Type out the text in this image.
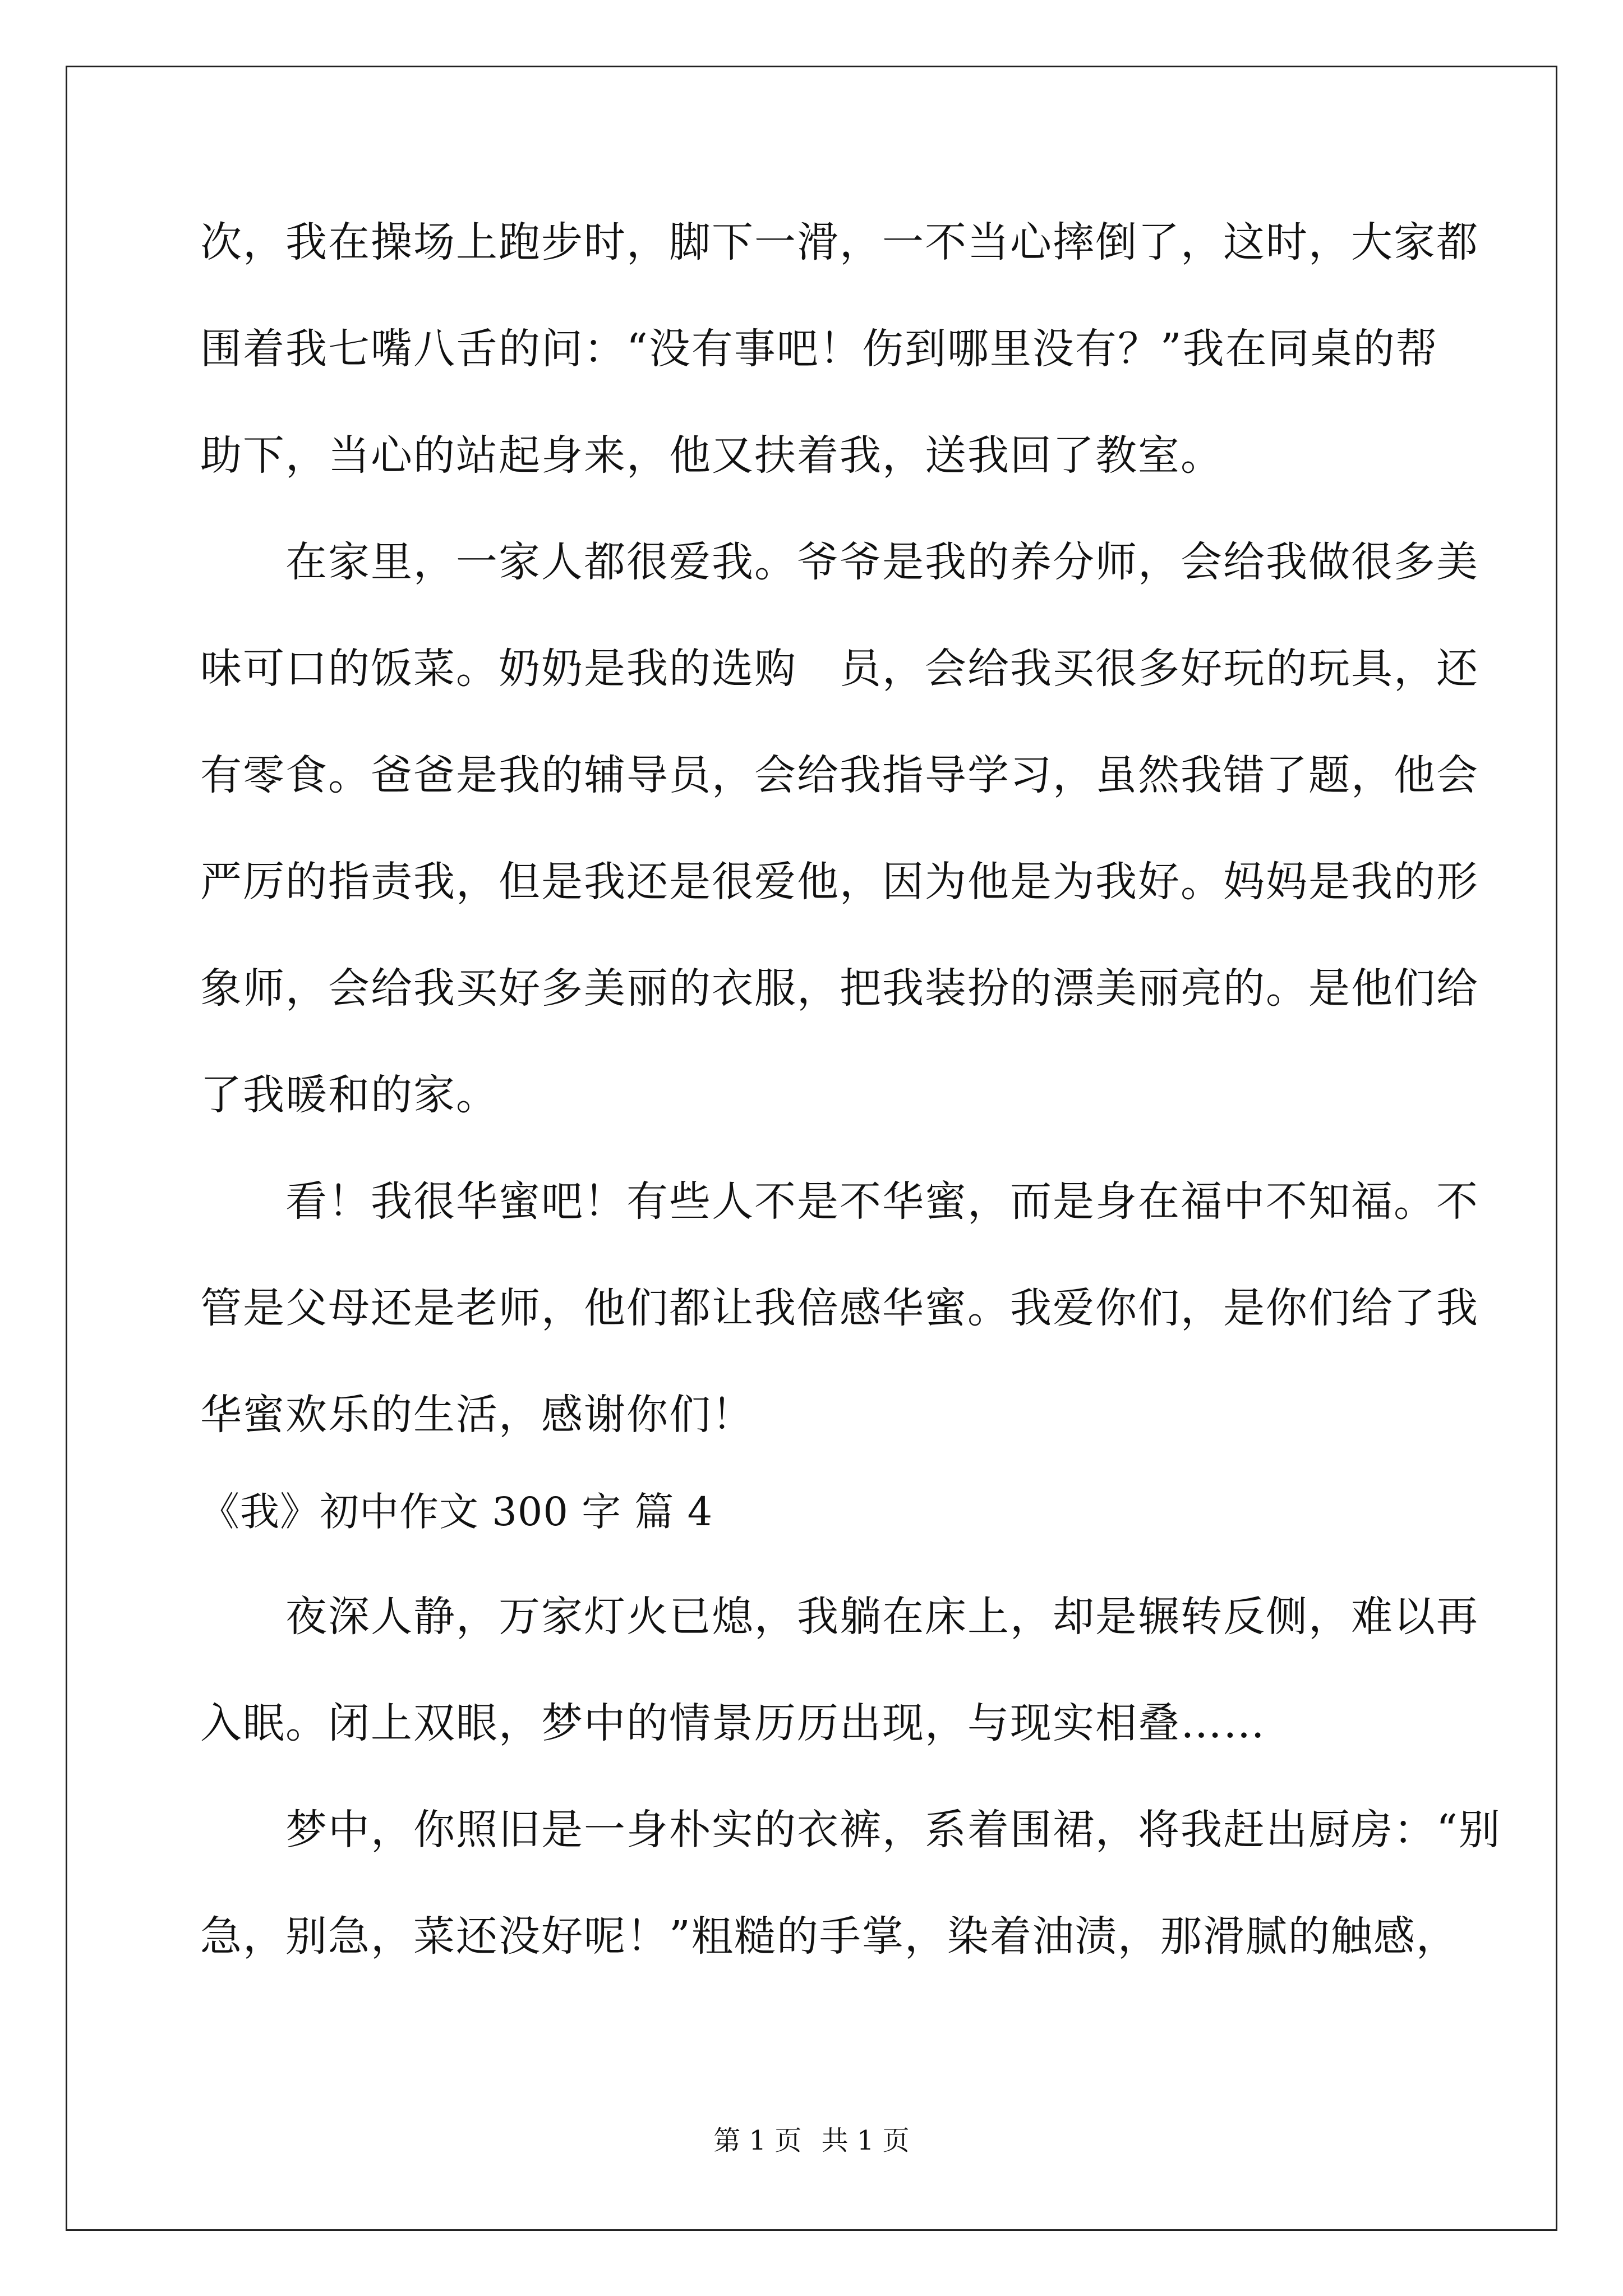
次，我在操场上跑步时，脚下一滑，一不当心摔倒了，这时，大家都
围着我七嘴八舌的问：“没有事吧！伤到哪里没有？”我在同桌的帮
助下，当心的站起身来，他又扶着我，送我回了教室。
　　在家里，一家人都很爱我。爷爷是我的养分师，会给我做很多美
味可口的饭菜。奶奶是我的选购　员，会给我买很多好玩的玩具，还
有零食。爸爸是我的辅导员，会给我指导学习，虽然我错了题，他会
严厉的指责我，但是我还是很爱他，因为他是为我好。妈妈是我的形
象师，会给我买好多美丽的衣服，把我装扮的漂美丽亮的。是他们给
了我暖和的家。
　　看！我很华蜜吧！有些人不是不华蜜，而是身在福中不知福。不
管是父母还是老师，他们都让我倍感华蜜。我爱你们，是你们给了我
华蜜欢乐的生活，感谢你们！
《我》初中作文 300 字 篇 4
　　夜深人静，万家灯火已熄，我躺在床上，却是辗转反侧，难以再
入眠。闭上双眼，梦中的情景历历出现，与现实相叠……
　　梦中，你照旧是一身朴实的衣裤，系着围裙，将我赶出厨房：“别
急，别急，菜还没好呢！”粗糙的手掌，染着油渍，那滑腻的触感，
第 1 页 共 1 页
